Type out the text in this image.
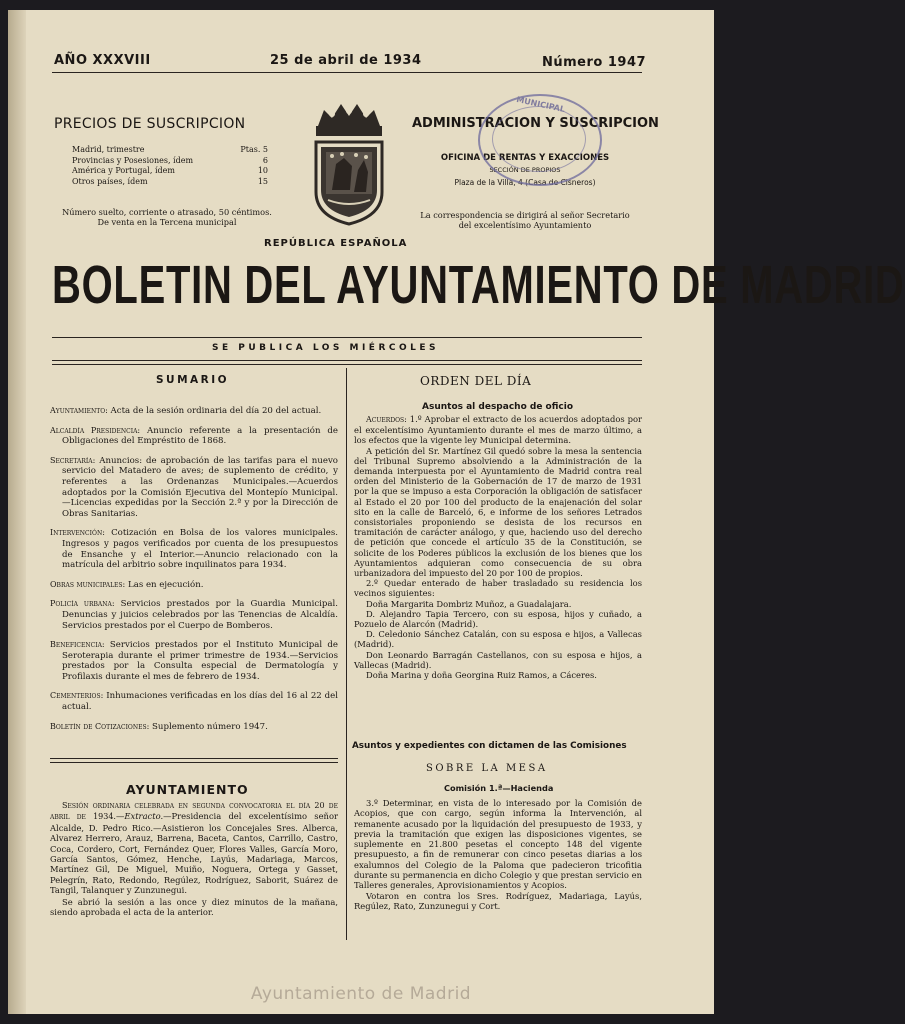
AÑO XXXVIII	25 de abril de 1934	Número 1947
PRECIOS DE SUSCRIPCION
Madrid, trimestre	Ptas. 5
Provincias y Posesiones, ídem	6
América y Portugal, ídem	10
Otros países, ídem	15
Número suelto, corriente o atrasado, 50 céntimos.
De venta en la Tercena municipal
ADMINISTRACION Y SUSCRIPCION
OFICINA DE RENTAS Y EXACCIONES
SECCIÓN DE PROPIOS
Plaza de la Villa, 4 (Casa de Cisneros)
La correspondencia se dirigirá al señor Secretario
del excelentísimo Ayuntamiento
MUNICIPAL
REPÚBLICA ESPAÑOLA
BOLETIN DEL AYUNTAMIENTO DE MADRID
SE PUBLICA LOS MIÉRCOLES
SUMARIO
Ayuntamiento: Acta de la sesión ordinaria del día 20 del actual.
Alcaldía Presidencia: Anuncio referente a la presentación de Obligaciones del Empréstito de 1868.
Secretaría: Anuncios: de aprobación de las tarifas para el nuevo servicio del Matadero de aves; de suplemento de crédito, y referentes a las Ordenanzas Municipales.—Acuerdos adoptados por la Comisión Ejecutiva del Montepío Municipal.—Licencias expedidas por la Sección 2.ª y por la Dirección de Obras Sanitarias.
Intervención: Cotización en Bolsa de los valores municipales. Ingresos y pagos verificados por cuenta de los presupuestos de Ensanche y el Interior.—Anuncio relacionado con la matrícula del arbitrio sobre inquilinatos para 1934.
Obras municipales: Las en ejecución.
Policía urbana: Servicios prestados por la Guardia Municipal. Denuncias y juicios celebrados por las Tenencias de Alcaldía. Servicios prestados por el Cuerpo de Bomberos.
Beneficencia: Servicios prestados por el Instituto Municipal de Seroterapia durante el primer trimestre de 1934.—Servicios prestados por la Consulta especial de Dermatología y Profilaxis durante el mes de febrero de 1934.
Cementerios: Inhumaciones verificadas en los días del 16 al 22 del actual.
Boletín de Cotizaciones: Suplemento número 1947.
AYUNTAMIENTO

Sesión ordinaria celebrada en segunda convocatoria el día 20 de abril de 1934.—Extracto.—Presidencia del excelentísimo señor Alcalde, D. Pedro Rico.—Asistieron los Concejales Sres. Alberca, Alvarez Herrero, Arauz, Barrena, Baceta, Cantos, Carrillo, Castro, Coca, Cordero, Cort, Fernández Quer, Flores Valles, García Moro, García Santos, Gómez, Henche, Layús, Madariaga, Marcos, Martínez Gil, De Miguel, Muiño, Noguera, Ortega y Gasset, Pelegrín, Rato, Redondo, Regúlez, Rodríguez, Saborit, Suárez de Tangil, Talanquer y Zunzunegui.

Se abrió la sesión a las once y diez minutos de la mañana, siendo aprobada el acta de la anterior.

ORDEN DEL DÍA
Asuntos al despacho de oficio

Acuerdos: 1.º Aprobar el extracto de los acuerdos adoptados por el excelentísimo Ayuntamiento durante el mes de marzo último, a los efectos que la vigente ley Municipal determina.

A petición del Sr. Martínez Gil quedó sobre la mesa la sentencia del Tribunal Supremo absolviendo a la Administración de la demanda interpuesta por el Ayuntamiento de Madrid contra real orden del Ministerio de la Gobernación de 17 de marzo de 1931 por la que se impuso a esta Corporación la obligación de satisfacer al Estado el 20 por 100 del producto de la enajenación del solar sito en la calle de Barceló, 6, e informe de los señores Letrados consistoriales proponiendo se desista de los recursos en tramitación de carácter análogo, y que, haciendo uso del derecho de petición que concede el artículo 35 de la Constitución, se solicite de los Poderes públicos la exclusión de los bienes que los Ayuntamientos adquieran como consecuencia de su obra urbanizadora del impuesto del 20 por 100 de propios.

2.º Quedar enterado de haber trasladado su residencia los vecinos siguientes:

Doña Margarita Dombriz Muñoz, a Guadalajara.

D. Alejandro Tapia Tercero, con su esposa, hijos y cuñado, a Pozuelo de Alarcón (Madrid).

D. Celedonio Sánchez Catalán, con su esposa e hijos, a Vallecas (Madrid).

Don Leonardo Barragán Castellanos, con su esposa e hijos, a Vallecas (Madrid).

Doña Marina y doña Georgina Ruiz Ramos, a Cáceres.

Asuntos y expedientes con dictamen de las Comisiones
SOBRE LA MESA
Comisión 1.ª—Hacienda

3.º Determinar, en vista de lo interesado por la Comisión de Acopios, que con cargo, según informa la Intervención, al remanente acusado por la liquidación del presupuesto de 1933, y previa la tramitación que exigen las disposiciones vigentes, se suplemente en 21.800 pesetas el concepto 148 del vigente presupuesto, a fin de remunerar con cinco pesetas diarias a los exalumnos del Colegio de la Paloma que padecieron tricofitia durante su permanencia en dicho Colegio y que prestan servicio en Talleres generales, Aprovisionamientos y Acopios.

Votaron en contra los Sres. Rodríguez, Madariaga, Layús, Regúlez, Rato, Zunzunegui y Cort.

Ayuntamiento de Madrid
